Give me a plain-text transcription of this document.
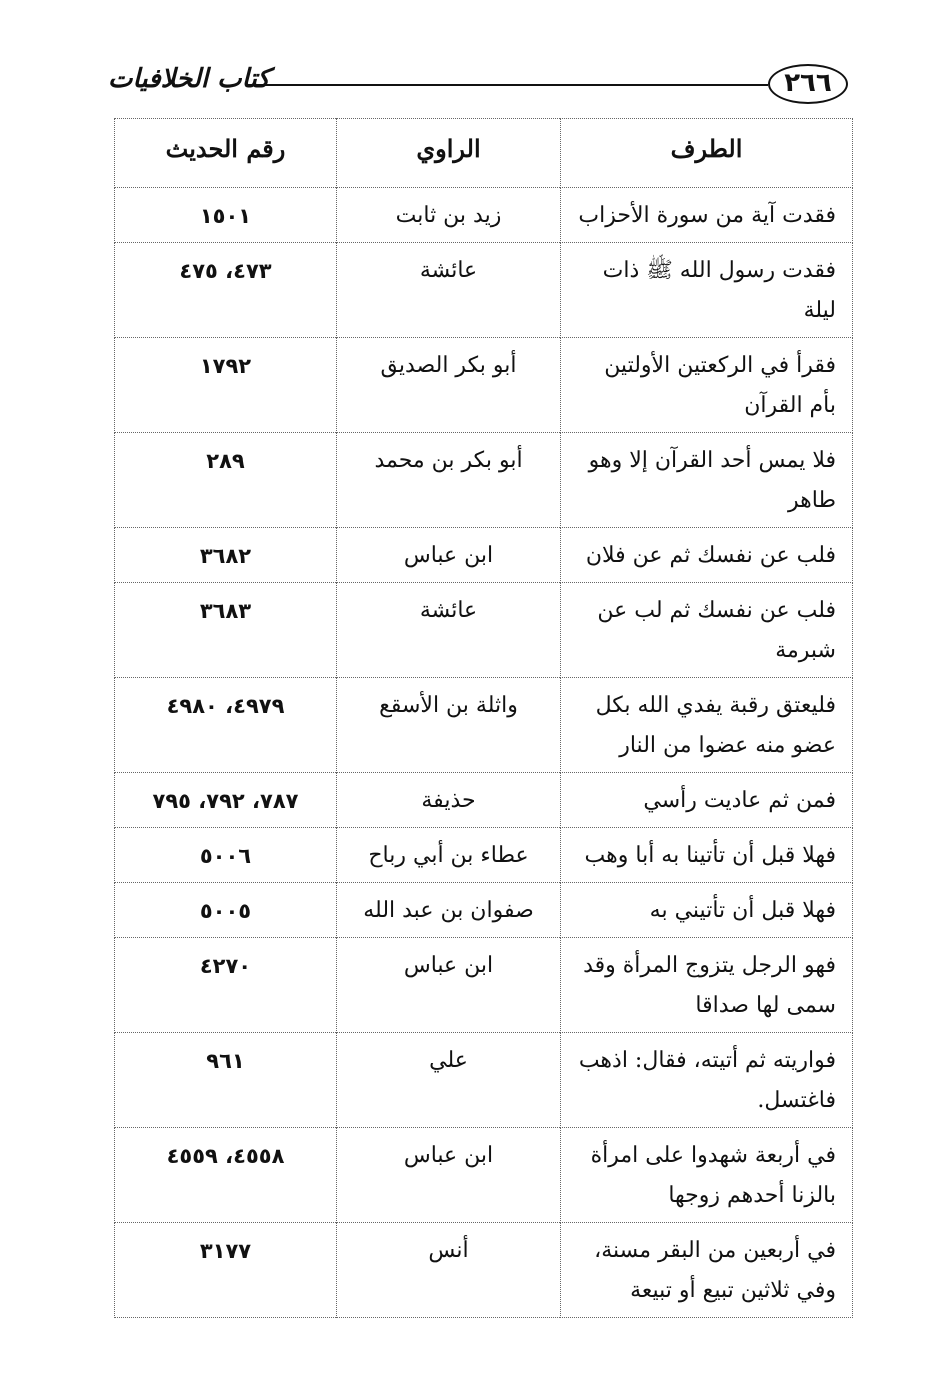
٢٦٦
كتاب الخلافيات
الطرف	الراوي	رقم الحديث
فقدت آية من سورة الأحزاب	زيد بن ثابت	١٥٠١
فقدت رسول الله ﷺ ذات ليلة	عائشة	٤٧٣، ٤٧٥
فقرأ في الركعتين الأولتين بأم القرآن	أبو بكر الصديق	١٧٩٢
فلا يمس أحد القرآن إلا وهو طاهر	أبو بكر بن محمد	٢٨٩
فلب عن نفسك ثم عن فلان	ابن عباس	٣٦٨٢
فلب عن نفسك ثم لب عن شبرمة	عائشة	٣٦٨٣
فليعتق رقبة يفدي الله بكل عضو منه عضوا من النار	واثلة بن الأسقع	٤٩٧٩، ٤٩٨٠
فمن ثم عاديت رأسي	حذيفة	٧٨٧، ٧٩٢، ٧٩٥
فهلا قبل أن تأتينا به أبا وهب	عطاء بن أبي رباح	٥٠٠٦
فهلا قبل أن تأتيني به	صفوان بن عبد الله	٥٠٠٥
فهو الرجل يتزوج المرأة وقد سمى لها صداقا	ابن عباس	٤٢٧٠
فواريته ثم أتيته، فقال: اذهب فاغتسل.	علي	٩٦١
في أربعة شهدوا على امرأة بالزنا أحدهم زوجها	ابن عباس	٤٥٥٨، ٤٥٥٩
في أربعين من البقر مسنة، وفي ثلاثين تبيع أو تبيعة	أنس	٣١٧٧
